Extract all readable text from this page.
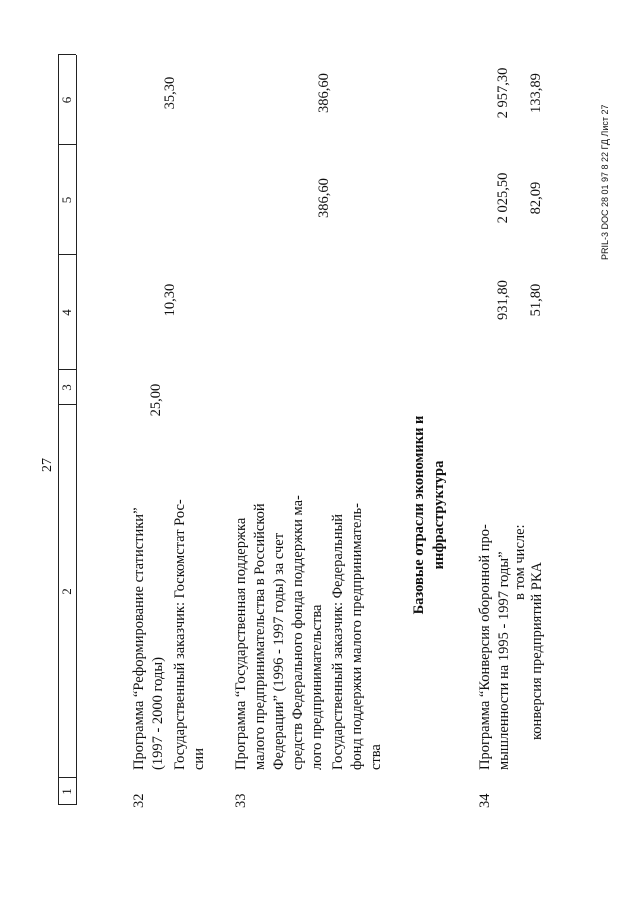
27
1
2
3
4
5
6
32
Программа “Реформирование статистики” (1997 - 2000 годы) Государственный заказчик: Госкомстат Рос- сии
25,00
10,30
35,30
33
Программа “Государственная поддержка малого предпринимательства в Российской Федерации” (1996 - 1997 годы) за счет средств Федерального фонда поддержки ма- лого предпринимательства Государственный заказчик: Федеральный фонд поддержки малого предприниматель- ства
386,60
386,60
Базовые отрасли экономики и инфраструктура
34
Программа “Конверсия оборонной про- мышленности на 1995 - 1997 годы” в том числе: конверсия предприятий РКА
931,80
2 025,50
2 957,30
51,80
82,09
133,89
PRIL-3 DOC 28 01 97 8 22 ГД Лист 27
